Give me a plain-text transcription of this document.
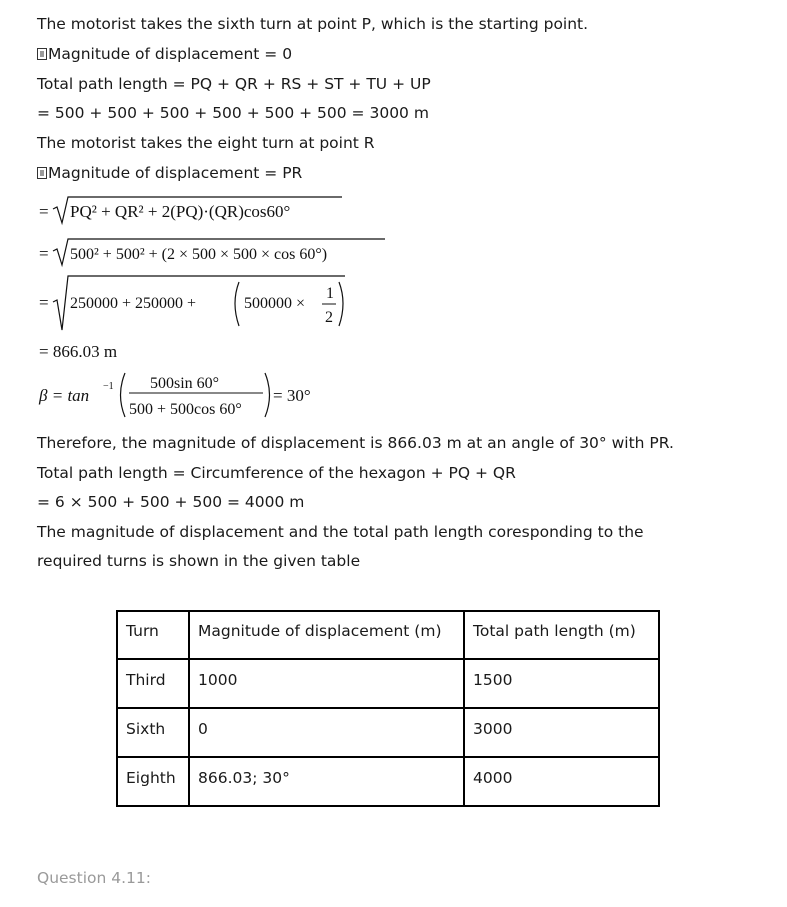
The motorist takes the sixth turn at point P, which is the starting point.
Magnitude of displacement = 0
Total path length = PQ + QR + RS + ST + TU + UP
= 500 + 500 + 500 + 500 + 500 + 500 = 3000 m
The motorist takes the eight turn at point R
Magnitude of displacement = PR
= PQ² + QR² + 2(PQ)·(QR)cos60°
= 500² + 500² + (2 × 500 × 500 × cos 60°)
= 250000 + 250000 +	500000 ×
1
2
= 866.03 m
β = tan −1 500sin 60°
500 + 500cos 60°
= 30°
Therefore, the magnitude of displacement is 866.03 m at an angle of 30° with PR.
Total path length = Circumference of the hexagon + PQ + QR
= 6 × 500 + 500 + 500 = 4000 m
The magnitude of displacement and the total path length coresponding to the
required turns is shown in the given table
Turn	Magnitude of displacement (m)	Total path length (m)
Third	1000	1500
Sixth	0	3000
Eighth	866.03; 30°	4000
Question 4.11:
